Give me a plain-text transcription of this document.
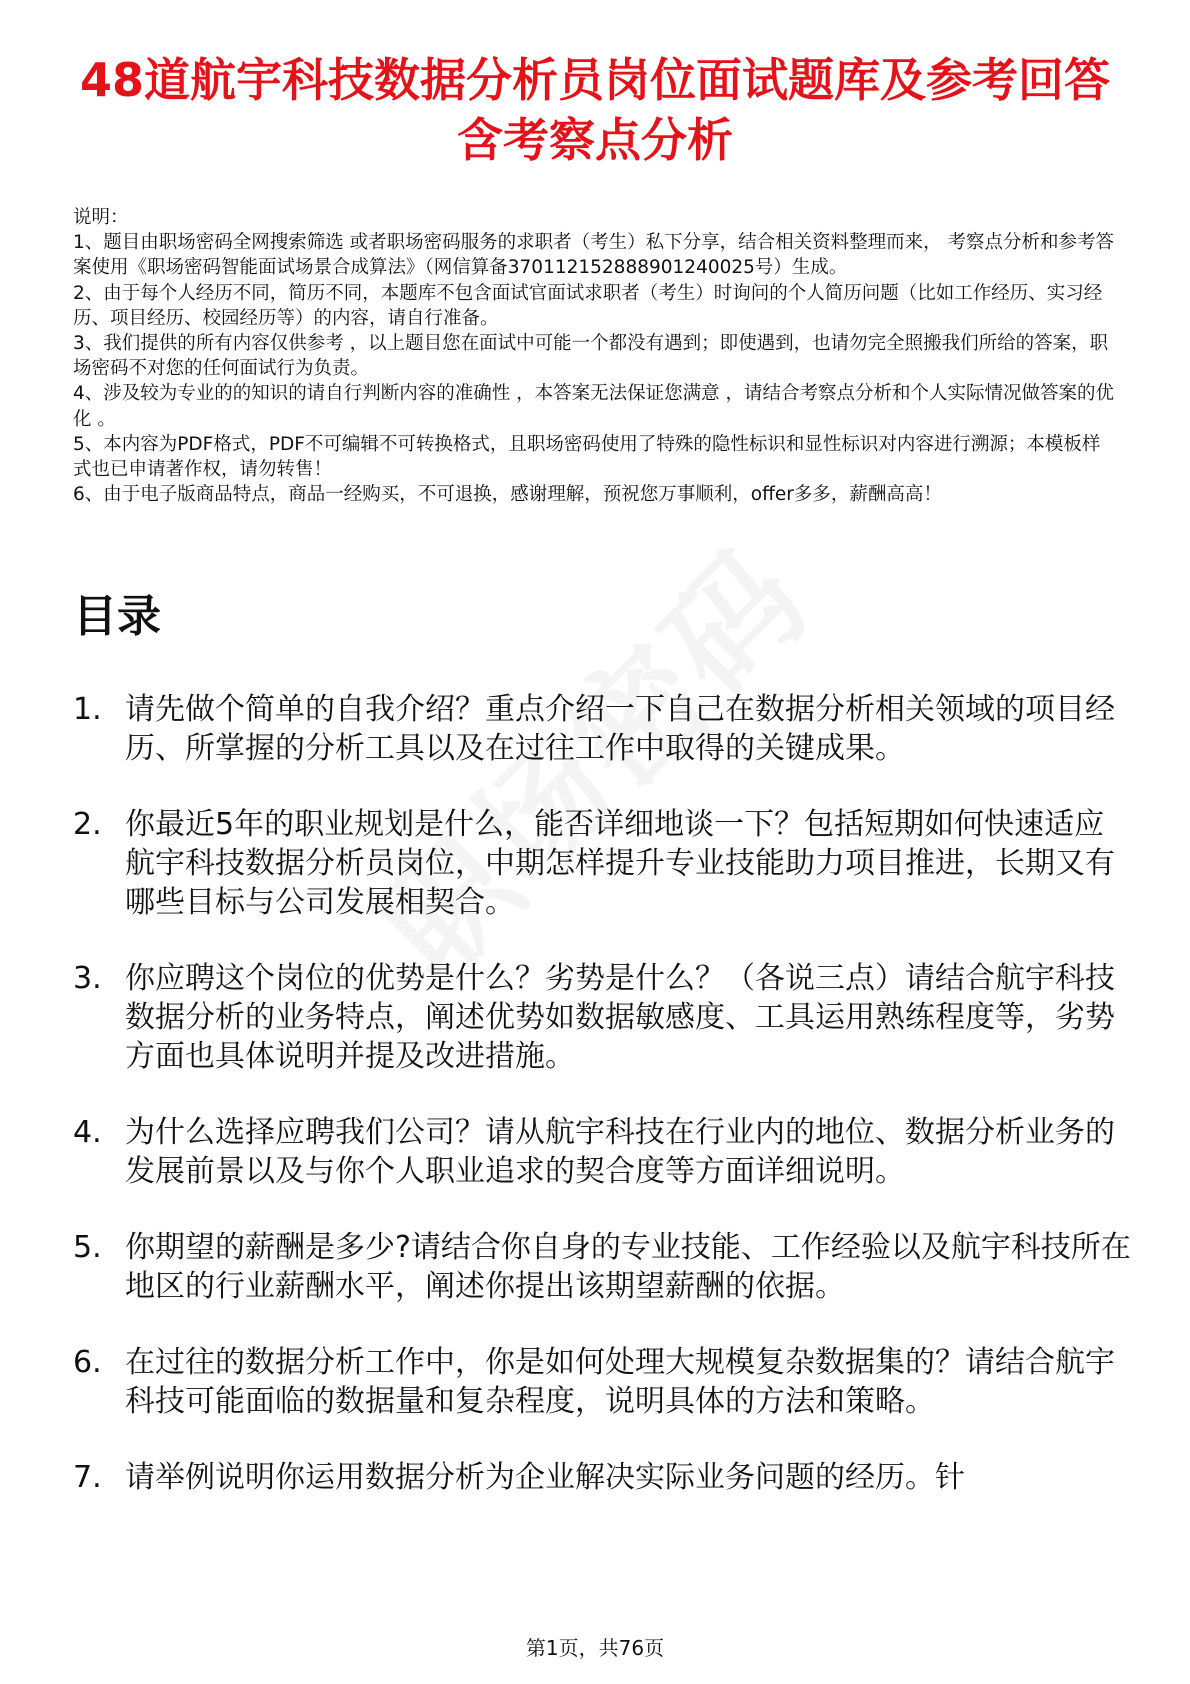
48道航宇科技数据分析员岗位面试题库及参考回答含考察点分析

说明：

1、题目由职场密码全网搜索筛选 或者职场密码服务的求职者（考生）私下分享，结合相关资料整理而来， 考察点分析和参考答案使用《职场密码智能面试场景合成算法》（网信算备370112152888901240025号）生成。

2、由于每个人经历不同，简历不同，本题库不包含面试官面试求职者（考生）时询问的个人简历问题（比如工作经历、实习经历、项目经历、校园经历等）的内容，请自行准备。

3、我们提供的所有内容仅供参考 ，以上题目您在面试中可能一个都没有遇到；即使遇到，也请勿完全照搬我们所给的答案，职场密码不对您的任何面试行为负责。

4、涉及较为专业的的知识的请自行判断内容的准确性 ，本答案无法保证您满意 ，请结合考察点分析和个人实际情况做答案的优化 。

5、本内容为PDF格式，PDF不可编辑不可转换格式，且职场密码使用了特殊的隐性标识和显性标识对内容进行溯源；本模板样式也已申请著作权，请勿转售！

6、由于电子版商品特点，商品一经购买，不可退换，感谢理解，预祝您万事顺利，offer多多，薪酬高高！

目录
1. 请先做个简单的自我介绍？重点介绍一下自己在数据分析相关领域的项目经历、所掌握的分析工具以及在过往工作中取得的关键成果。
2. 你最近5年的职业规划是什么，能否详细地谈一下？包括短期如何快速适应航宇科技数据分析员岗位，中期怎样提升专业技能助力项目推进，长期又有哪些目标与公司发展相契合。
3. 你应聘这个岗位的优势是什么？劣势是什么？（各说三点）请结合航宇科技数据分析的业务特点，阐述优势如数据敏感度、工具运用熟练程度等，劣势方面也具体说明并提及改进措施。
4. 为什么选择应聘我们公司？请从航宇科技在行业内的地位、数据分析业务的发展前景以及与你个人职业追求的契合度等方面详细说明。
5. 你期望的薪酬是多少?请结合你自身的专业技能、工作经验以及航宇科技所在地区的行业薪酬水平，阐述你提出该期望薪酬的依据。
6. 在过往的数据分析工作中，你是如何处理大规模复杂数据集的？请结合航宇科技可能面临的数据量和复杂程度，说明具体的方法和策略。
7. 请举例说明你运用数据分析为企业解决实际业务问题的经历。针
第1页，共76页
